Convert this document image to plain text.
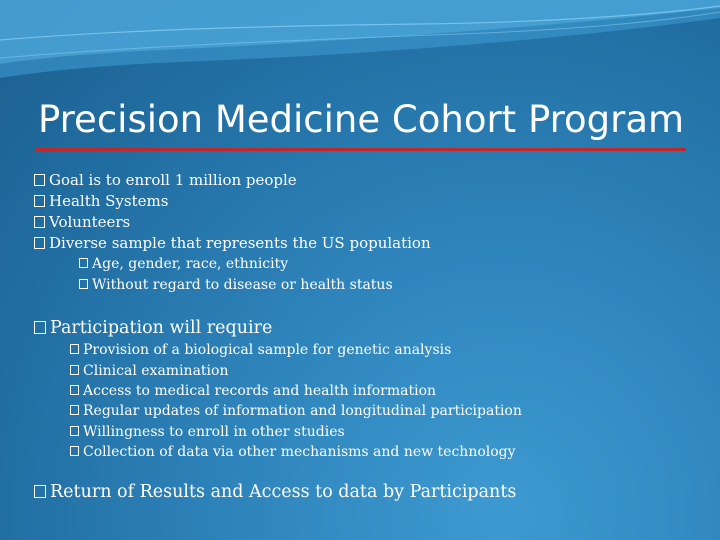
Precision Medicine Cohort Program
Goal is to enroll 1 million people
Health Systems
Volunteers
Diverse sample that represents the US population
Age, gender, race, ethnicity
Without regard to disease or health status
Participation will require
Provision of a biological sample for genetic analysis
Clinical examination
Access to medical records and health information
Regular updates of information and longitudinal participation
Willingness to enroll in other studies
Collection of data via other mechanisms and new technology
Return of Results and Access to data by Participants
